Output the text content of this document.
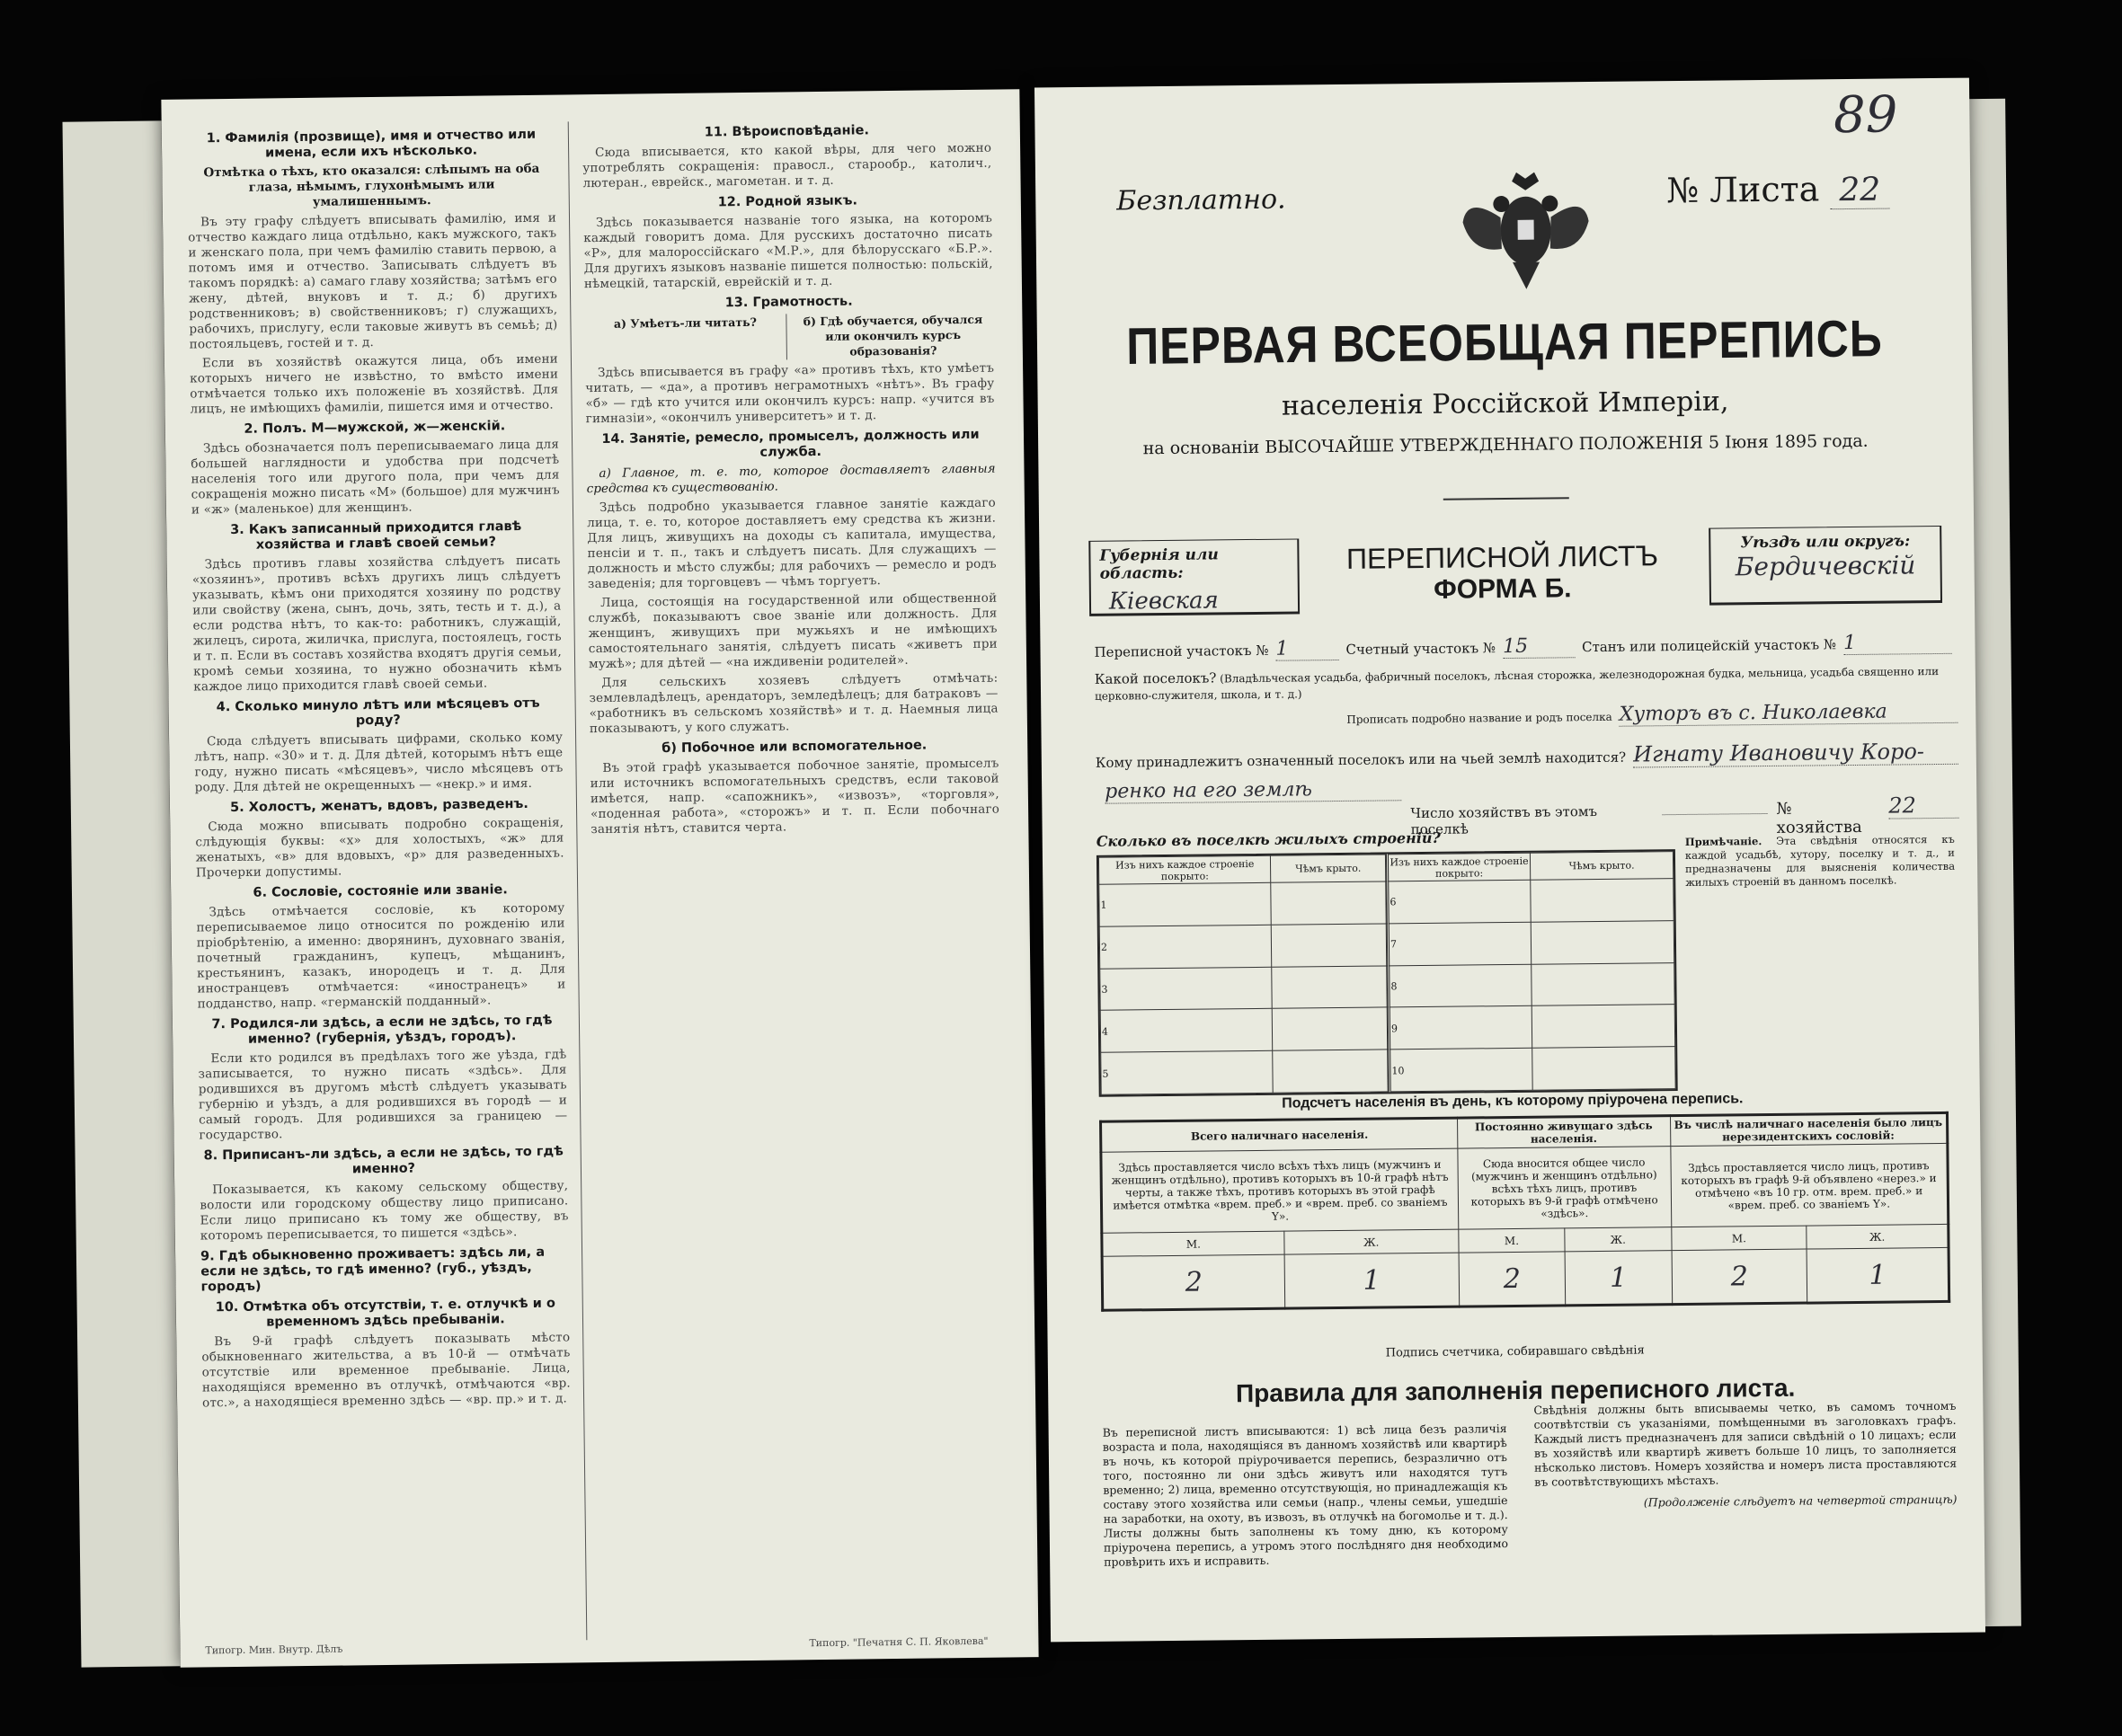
1. Фамилія (прозвище), имя и отчество или имена, если ихъ нѣсколько.

Отмѣтка о тѣхъ, кто оказался: слѣпымъ на оба глаза, нѣмымъ, глухонѣмымъ или умалишеннымъ.

Въ эту графу слѣдуетъ вписывать фамилію, имя и отчество каждаго лица отдѣльно, какъ мужского, такъ и женскаго пола, при чемъ фамилію ставить первою, а потомъ имя и отчество. Записывать слѣдуетъ въ такомъ порядкѣ: а) самаго главу хозяйства; затѣмъ его жену, дѣтей, внуковъ и т. д.; б) другихъ родственниковъ; в) свойственниковъ; г) служащихъ, рабочихъ, прислугу, если таковые живутъ въ семьѣ; д) постояльцевъ, гостей и т. д.

Если въ хозяйствѣ окажутся лица, объ имени которыхъ ничего не извѣстно, то вмѣсто имени отмѣчается только ихъ положеніе въ хозяйствѣ. Для лицъ, не имѣющихъ фамиліи, пишется имя и отчество.

2. Полъ. М—мужской, ж—женскій.

Здѣсь обозначается полъ переписываемаго лица для большей наглядности и удобства при подсчетѣ населенія того или другого пола, при чемъ для сокращенія можно писать «М» (большое) для мужчинъ и «ж» (маленькое) для женщинъ.

3. Какъ записанный приходится главѣ хозяйства и главѣ своей семьи?

Здѣсь противъ главы хозяйства слѣдуетъ писать «хозяинъ», противъ всѣхъ другихъ лицъ слѣдуетъ указывать, кѣмъ они приходятся хозяину по родству или свойству (жена, сынъ, дочь, зять, тесть и т. д.), а если родства нѣтъ, то как-то: работникъ, служащій, жилецъ, сирота, жиличка, прислуга, постоялецъ, гость и т. п. Если въ составъ хозяйства входятъ другія семьи, кромѣ семьи хозяина, то нужно обозначить кѣмъ каждое лицо приходится главѣ своей семьи.

4. Сколько минуло лѣтъ или мѣсяцевъ отъ роду?

Сюда слѣдуетъ вписывать цифрами, сколько кому лѣтъ, напр. «30» и т. д. Для дѣтей, которымъ нѣтъ еще году, нужно писать «мѣсяцевъ», число мѣсяцевъ отъ роду. Для дѣтей не окрещенныхъ — «некр.» и имя.

5. Холостъ, женатъ, вдовъ, разведенъ.

Сюда можно вписывать подробно сокращенія, слѣдующія буквы: «х» для холостыхъ, «ж» для женатыхъ, «в» для вдовыхъ, «р» для разведенныхъ. Прочерки допустимы.

6. Сословіе, состояніе или званіе.

Здѣсь отмѣчается сословіе, къ которому переписываемое лицо относится по рожденію или пріобрѣтенію, а именно: дворянинъ, духовнаго званія, почетный гражданинъ, купецъ, мѣщанинъ, крестьянинъ, казакъ, инородецъ и т. д. Для иностранцевъ отмѣчается: «иностранецъ» и подданство, напр. «германскій подданный».

7. Родился-ли здѣсь, а если не здѣсь, то гдѣ именно? (губернія, уѣздъ, городъ).

Если кто родился въ предѣлахъ того же уѣзда, гдѣ записывается, то нужно писать «здѣсь». Для родившихся въ другомъ мѣстѣ слѣдуетъ указывать губернію и уѣздъ, а для родившихся въ городѣ — и самый городъ. Для родившихся за границею — государство.

8. Приписанъ-ли здѣсь, а если не здѣсь, то гдѣ именно?

Показывается, къ какому сельскому обществу, волости или городскому обществу лицо приписано. Если лицо приписано къ тому же обществу, въ которомъ переписывается, то пишется «здѣсь».

9. Гдѣ обыкновенно проживаетъ: здѣсь ли, а если не здѣсь, то гдѣ именно? (губ., уѣздъ, городъ)
10. Отмѣтка объ отсутствіи, т. е. отлучкѣ и о временномъ здѣсь пребываніи.

Въ 9-й графѣ слѣдуетъ показывать мѣсто обыкновеннаго жительства, а въ 10-й — отмѣчать отсутствіе или временное пребываніе. Лица, находящіяся временно въ отлучкѣ, отмѣчаются «вр. отс.», а находящіеся временно здѣсь — «вр. пр.» и т. д.

11. Вѣроисповѣданіе.

Сюда вписывается, кто какой вѣры, для чего можно употреблять сокращенія: правосл., старообр., католич., лютеран., еврейск., магометан. и т. д.

12. Родной языкъ.

Здѣсь показывается названіе того языка, на которомъ каждый говоритъ дома. Для русскихъ достаточно писать «Р», для малороссійскаго «М.Р.», для бѣлорусскаго «Б.Р.». Для другихъ языковъ названіе пишется полностью: польскій, нѣмецкій, татарскій, еврейскій и т. д.

13. Грамотность.
а) Умѣетъ-ли читать?	б) Гдѣ обучается, обучался или окончилъ курсъ образованія?

Здѣсь вписывается въ графу «а» противъ тѣхъ, кто умѣетъ читать, — «да», а противъ неграмотныхъ «нѣтъ». Въ графу «б» — гдѣ кто учится или окончилъ курсъ: напр. «учится въ гимназіи», «окончилъ университетъ» и т. д.

14. Занятіе, ремесло, промыселъ, должность или служба.

а) Главное, т. е. то, которое доставляетъ главныя средства къ существованію.

Здѣсь подробно указывается главное занятіе каждаго лица, т. е. то, которое доставляетъ ему средства къ жизни. Для лицъ, живущихъ на доходы съ капитала, имущества, пенсіи и т. п., такъ и слѣдуетъ писать. Для служащихъ — должность и мѣсто службы; для рабочихъ — ремесло и родъ заведенія; для торговцевъ — чѣмъ торгуетъ.

Лица, состоящія на государственной или общественной службѣ, показываютъ свое званіе или должность. Для женщинъ, живущихъ при мужьяхъ и не имѣющихъ самостоятельнаго занятія, слѣдуетъ писать «живетъ при мужѣ»; для дѣтей — «на иждивеніи родителей».

Для сельскихъ хозяевъ слѣдуетъ отмѣчать: землевладѣлецъ, арендаторъ, земледѣлецъ; для батраковъ — «работникъ въ сельскомъ хозяйствѣ» и т. д. Наемныя лица показываютъ, у кого служатъ.

б) Побочное или вспомогательное.

Въ этой графѣ указывается побочное занятіе, промыселъ или источникъ вспомогательныхъ средствъ, если таковой имѣется, напр. «сапожникъ», «извозъ», «торговля», «поденная работа», «сторожъ» и т. п. Если побочнаго занятія нѣтъ, ставится черта.

Типогр. Мин. Внутр. Дѣлъ
Типогр. "Печатня С. П. Яковлева"
89
Безплатно.	№ Листа 22
ПЕРВАЯ ВСЕОБЩАЯ ПЕРЕПИСЬ
населенія Россійской Имперіи,
на основаніи ВЫСОЧАЙШЕ УТВЕРЖДЕННАГО ПОЛОЖЕНІЯ 5 Іюня 1895 года.
Губернія или область:
Кіевская
ПЕРЕПИСНОЙ ЛИСТЪ
ФОРМА Б.
Уѣздъ или округъ:
Бердичевскій
Переписной участокъ № 1	Счетный участокъ № 15	Станъ или полицейскій участокъ № 1
Какой поселокъ? (Владѣльческая усадьба, фабричный поселокъ, лѣсная сторожка, железнодорожная будка, мельница, усадьба священно или церковно-служителя, школа, и т. д.)
Прописать подробно название и родъ поселка Хуторъ въ с. Николаевка
Кому принадлежитъ означенный поселокъ или на чьей землѣ находится? Игнату Ивановичу Коро-
ренко на его землѣ
Число хозяйствъ въ этомъ поселкѣ
№ хозяйства
22
Сколько въ поселкѣ жилыхъ строеній?
Изъ нихъ каждое строеніе покрыто:	Чѣмъ крыто.
1	
2	
3	
4	
5	
Изъ нихъ каждое строеніе покрыто:	Чѣмъ крыто.
6	
7	
8	
9	
10	
Примѣчаніе. Эта свѣдѣнія относятся къ каждой усадьбѣ, хутору, поселку и т. д., и предназначены для выясненія количества жилыхъ строеній въ данномъ поселкѣ.
Подсчетъ населенія въ день, къ которому пріурочена перепись.
Всего наличнаго населенія.		Постоянно живущаго здѣсь населенія.		Въ числѣ наличнаго населенія было лицъ нерезидентскихъ сословій:	
Здѣсь проставляется число всѣхъ тѣхъ лицъ (мужчинъ и женщинъ отдѣльно), противъ которыхъ въ 10-й графѣ нѣтъ черты, а также тѣхъ, противъ которыхъ въ этой графѣ имѣется отмѣтка «врем. преб.» и «врем. преб. со званіемъ Y».		Сюда вносится общее число (мужчинъ и женщинъ отдѣльно) всѣхъ тѣхъ лицъ, противъ которыхъ въ 9-й графѣ отмѣчено «здѣсь».		Здѣсь проставляется число лицъ, противъ которыхъ въ графѣ 9-й объявлено «нерез.» и отмѣчено «въ 10 гр. отм. врем. преб.» и «врем. преб. со званіемъ Y».	
М.	Ж.	М.	Ж.	М.	Ж.
2	1	2	1	2	1
Подпись счетчика, собиравшаго свѣдѣнія
Правила для заполненія переписного листа.
Въ переписной листъ вписываются: 1) всѣ лица безъ различія возраста и пола, находящіяся въ данномъ хозяйствѣ или квартирѣ въ ночь, къ которой пріурочивается перепись, безразлично отъ того, постоянно ли они здѣсь живутъ или находятся тутъ временно; 2) лица, временно отсутствующія, но принадлежащія къ составу этого хозяйства или семьи (напр., члены семьи, ушедшіе на заработки, на охоту, въ извозъ, въ отлучкѣ на богомолье и т. д.). Листы должны быть заполнены къ тому дню, къ которому пріурочена перепись, а утромъ этого послѣдняго дня необходимо провѣрить ихъ и исправить.
Свѣдѣнія должны быть вписываемы четко, въ самомъ точномъ соотвѣтствіи съ указаніями, помѣщенными въ заголовкахъ графъ. Каждый листъ предназначенъ для записи свѣдѣній о 10 лицахъ; если въ хозяйствѣ или квартирѣ живетъ больше 10 лицъ, то заполняется нѣсколько листовъ. Номеръ хозяйства и номеръ листа проставляются въ соотвѣтствующихъ мѣстахъ.
(Продолженіе слѣдуетъ на четвертой страницѣ)
